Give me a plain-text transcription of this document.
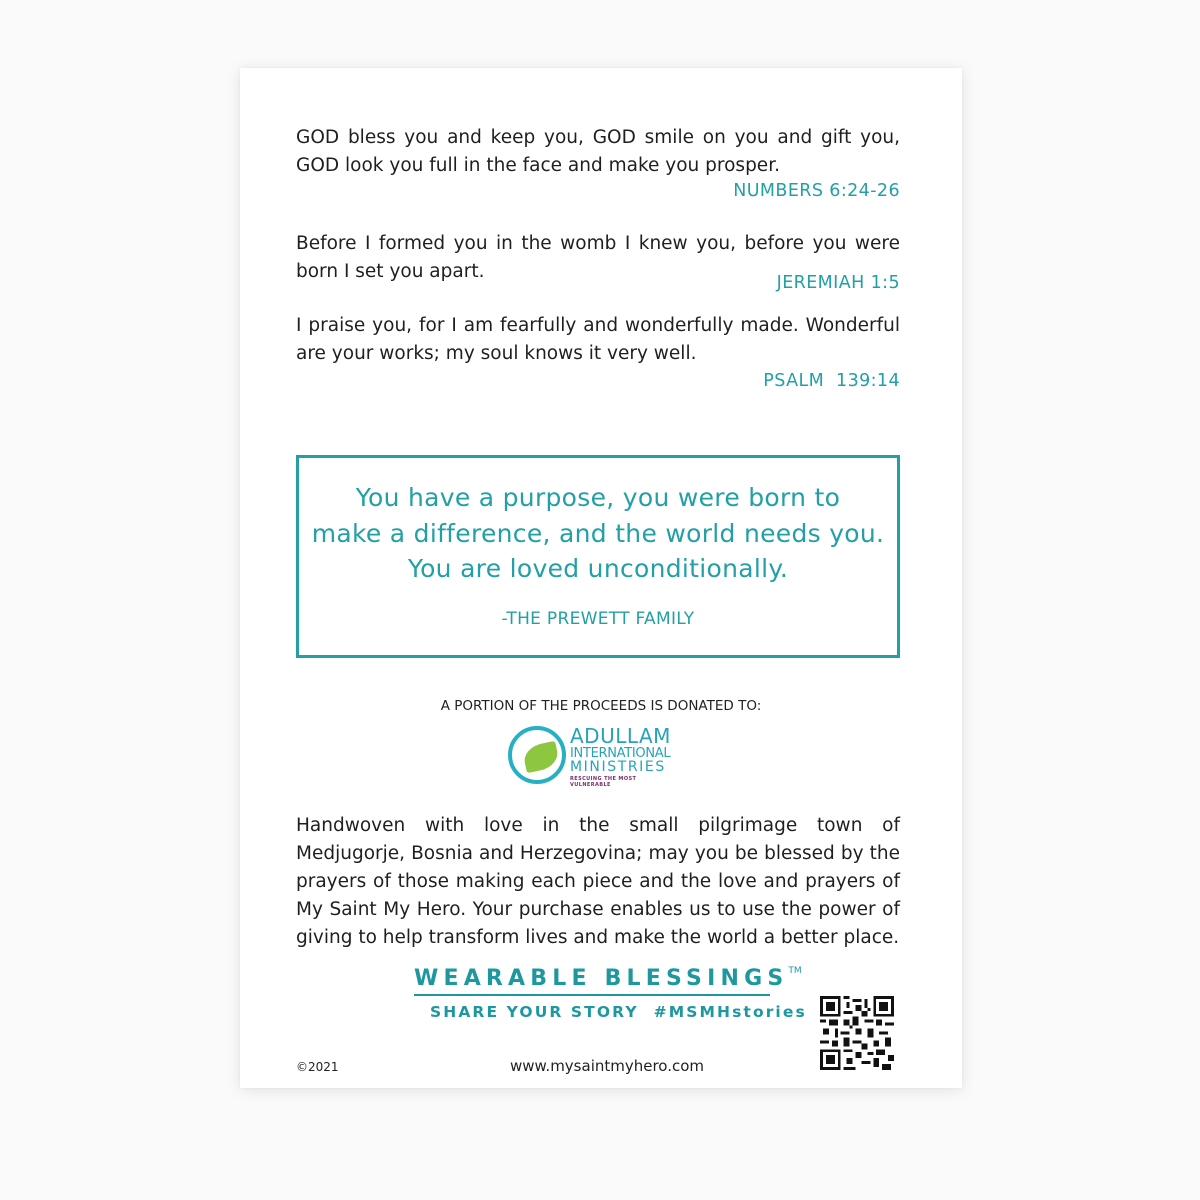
GOD bless you and keep you, GOD smile on you and gift you, GOD look you full in the face and make you prosper.

NUMBERS 6:24-26

Before I formed you in the womb I knew you, before you were born I set you apart.

JEREMIAH 1:5

I praise you, for I am fearfully and wonderfully made. Wonderful are your works; my soul knows it very well.

PSALM  139:14
You have a purpose, you were born to
make a difference, and the world needs you.
You are loved unconditionally.
-THE PREWETT FAMILY
A PORTION OF THE PROCEEDS IS DONATED TO:
ADULLAM
INTERNATIONAL
MINISTRIES
RESCUING THE MOST VULNERABLE

Handwoven with love in the small pilgrimage town of Medjugorje, Bosnia and Herzegovina; may you be blessed by the prayers of those making each piece and the love and prayers of My Saint My Hero. Your purchase enables us to use the power of giving to help transform lives and make the world a better place.

WEARABLE BLESSINGS™
SHARE YOUR STORY  #MSMHstories
©2021	www.mysaintmyhero.com
